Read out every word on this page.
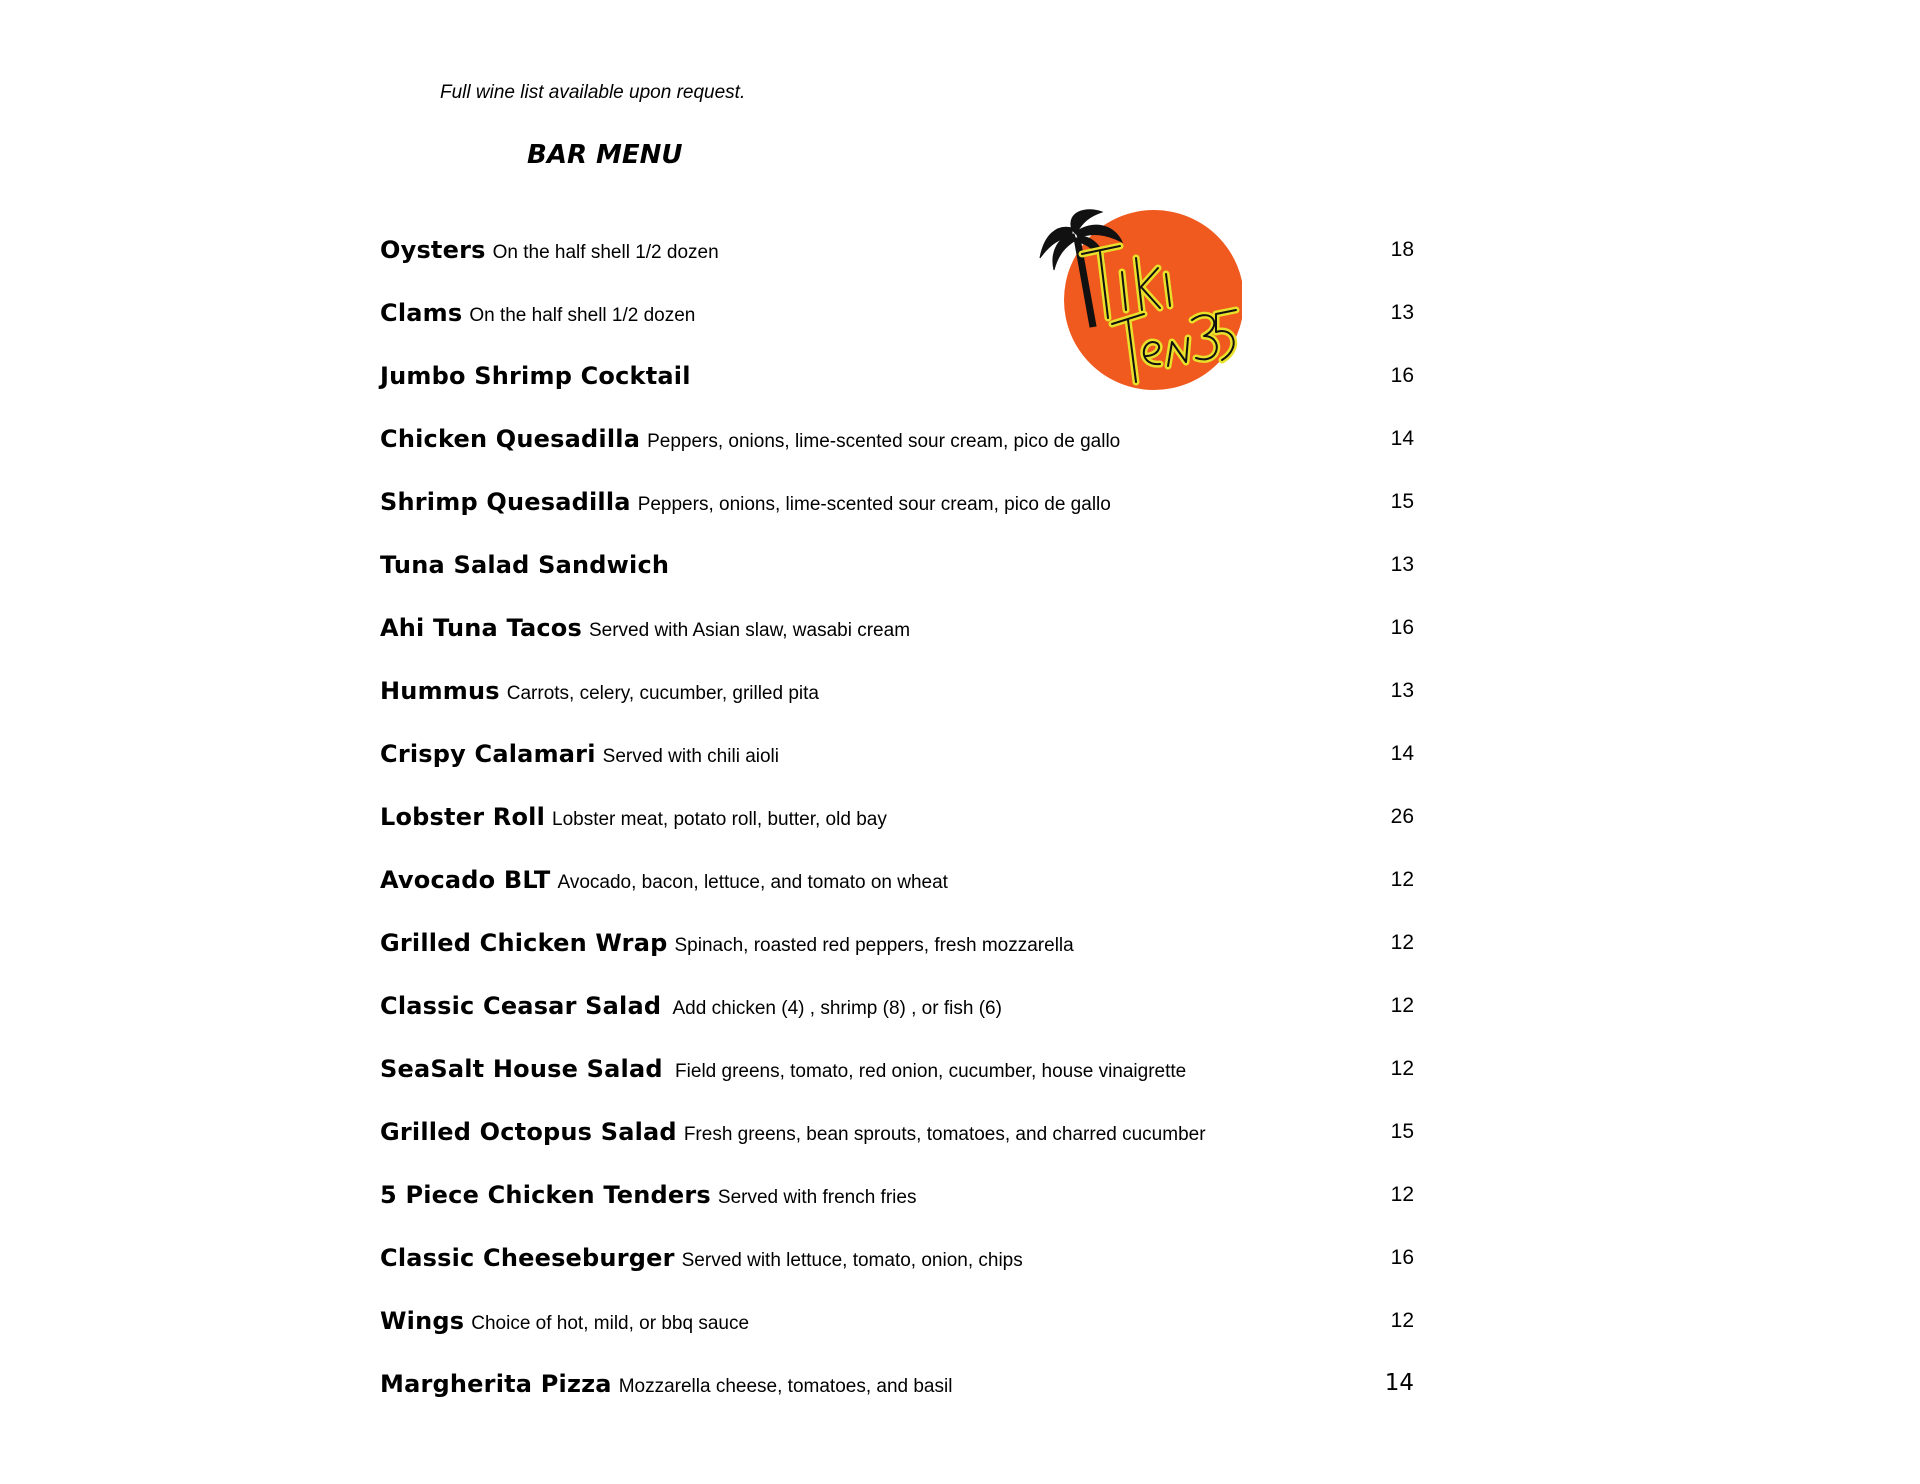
Full wine list available upon request.
BAR MENU
Oysters On the half shell 1/2 dozen	18
Clams On the half shell 1/2 dozen	13
Jumbo Shrimp Cocktail	16
Chicken Quesadilla Peppers, onions, lime-scented sour cream, pico de gallo	14
Shrimp Quesadilla Peppers, onions, lime-scented sour cream, pico de gallo	15
Tuna Salad Sandwich	13
Ahi Tuna Tacos Served with Asian slaw, wasabi cream	16
Hummus Carrots, celery, cucumber, grilled pita	13
Crispy Calamari Served with chili aioli	14
Lobster Roll Lobster meat, potato roll, butter, old bay	26
Avocado BLT Avocado, bacon, lettuce, and tomato on wheat	12
Grilled Chicken Wrap Spinach, roasted red peppers, fresh mozzarella	12
Classic Ceasar Salad Add chicken (4) , shrimp (8) , or fish (6)	12
SeaSalt House Salad Field greens, tomato, red onion, cucumber, house vinaigrette	12
Grilled Octopus Salad Fresh greens, bean sprouts, tomatoes, and charred cucumber	15
5 Piece Chicken Tenders Served with french fries	12
Classic Cheeseburger Served with lettuce, tomato, onion, chips	16
Wings Choice of hot, mild, or bbq sauce	12
Margherita Pizza Mozzarella cheese, tomatoes, and basil	14
